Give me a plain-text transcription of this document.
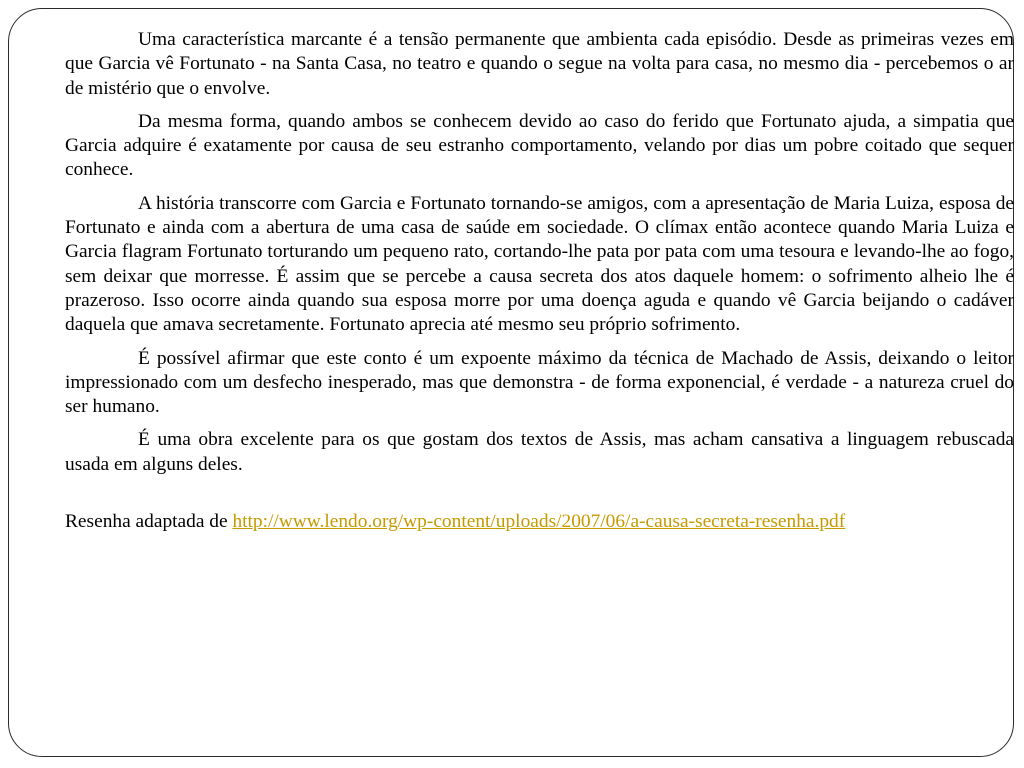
Uma característica marcante é a tensão permanente que ambienta cada episódio. Desde as primeiras vezes em que Garcia vê Fortunato - na Santa Casa, no teatro e quando o segue na volta para casa, no mesmo dia - percebemos o ar de mistério que o envolve.

Da mesma forma, quando ambos se conhecem devido ao caso do ferido que Fortunato ajuda, a simpatia que Garcia adquire é exatamente por causa de seu estranho comportamento, velando por dias um pobre coitado que sequer conhece.

A história transcorre com Garcia e Fortunato tornando-se amigos, com a apresentação de Maria Luiza, esposa de Fortunato e ainda com a abertura de uma casa de saúde em sociedade. O clímax então acontece quando Maria Luiza e Garcia flagram Fortunato torturando um pequeno rato, cortando-lhe pata por pata com uma tesoura e levando-lhe ao fogo, sem deixar que morresse. É assim que se percebe a causa secreta dos atos daquele homem: o sofrimento alheio lhe é prazeroso. Isso ocorre ainda quando sua esposa morre por uma doença aguda e quando vê Garcia beijando o cadáver daquela que amava secretamente. Fortunato aprecia até mesmo seu próprio sofrimento.

É possível afirmar que este conto é um expoente máximo da técnica de Machado de Assis, deixando o leitor impressionado com um desfecho inesperado, mas que demonstra - de forma exponencial, é verdade - a natureza cruel do ser humano.

É uma obra excelente para os que gostam dos textos de Assis, mas acham cansativa a linguagem rebuscada usada em alguns deles.

Resenha adaptada de http://www.lendo.org/wp-content/uploads/2007/06/a-causa-secreta-resenha.pdf
